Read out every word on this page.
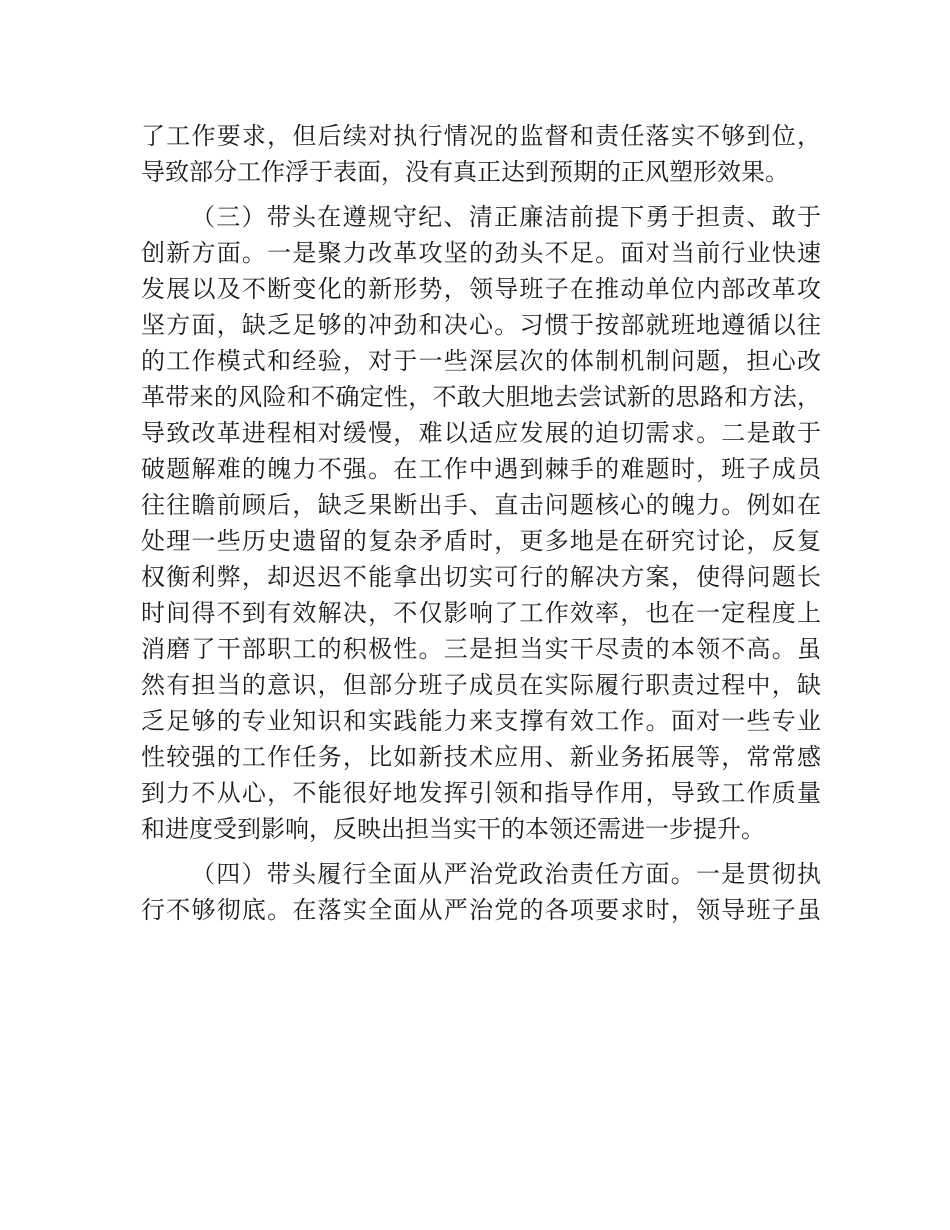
了工作要求，但后续对执行情况的监督和责任落实不够到位，
导致部分工作浮于表面，没有真正达到预期的正风塑形效果。
（三）带头在遵规守纪、清正廉洁前提下勇于担责、敢于
创新方面。一是聚力改革攻坚的劲头不足。面对当前行业快速
发展以及不断变化的新形势，领导班子在推动单位内部改革攻
坚方面，缺乏足够的冲劲和决心。习惯于按部就班地遵循以往
的工作模式和经验，对于一些深层次的体制机制问题，担心改
革带来的风险和不确定性，不敢大胆地去尝试新的思路和方法，
导致改革进程相对缓慢，难以适应发展的迫切需求。二是敢于
破题解难的魄力不强。在工作中遇到棘手的难题时，班子成员
往往瞻前顾后，缺乏果断出手、直击问题核心的魄力。例如在
处理一些历史遗留的复杂矛盾时，更多地是在研究讨论，反复
权衡利弊，却迟迟不能拿出切实可行的解决方案，使得问题长
时间得不到有效解决，不仅影响了工作效率，也在一定程度上
消磨了干部职工的积极性。三是担当实干尽责的本领不高。虽
然有担当的意识，但部分班子成员在实际履行职责过程中，缺
乏足够的专业知识和实践能力来支撑有效工作。面对一些专业
性较强的工作任务，比如新技术应用、新业务拓展等，常常感
到力不从心，不能很好地发挥引领和指导作用，导致工作质量
和进度受到影响，反映出担当实干的本领还需进一步提升。
（四）带头履行全面从严治党政治责任方面。一是贯彻执
行不够彻底。在落实全面从严治党的各项要求时，领导班子虽
